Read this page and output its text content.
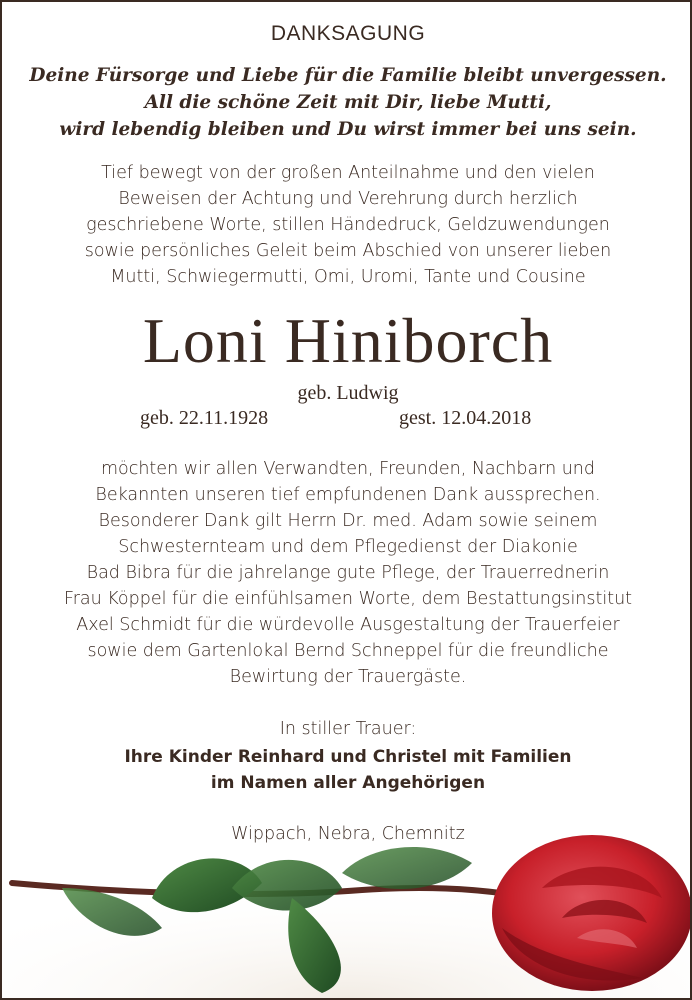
DANKSAGUNG
Deine Fürsorge und Liebe für die Familie bleibt unvergessen.
All die schöne Zeit mit Dir, liebe Mutti,
wird lebendig bleiben und Du wirst immer bei uns sein.
Tief bewegt von der großen Anteilnahme und den vielen
Beweisen der Achtung und Verehrung durch herzlich
geschriebene Worte, stillen Händedruck, Geldzuwendungen
sowie persönliches Geleit beim Abschied von unserer lieben
Mutti, Schwiegermutti, Omi, Uromi, Tante und Cousine
Loni Hiniborch
geb. Ludwig
geb. 22.11.1928	gest. 12.04.2018
möchten wir allen Verwandten, Freunden, Nachbarn und
Bekannten unseren tief empfundenen Dank aussprechen.
Besonderer Dank gilt Herrn Dr. med. Adam sowie seinem
Schwesternteam und dem Pflegedienst der Diakonie
Bad Bibra für die jahrelange gute Pflege, der Trauerrednerin
Frau Köppel für die einfühlsamen Worte, dem Bestattungsinstitut
Axel Schmidt für die würdevolle Ausgestaltung der Trauerfeier
sowie dem Gartenlokal Bernd Schneppel für die freundliche
Bewirtung der Trauergäste.
In stiller Trauer:
Ihre Kinder Reinhard und Christel mit Familien
im Namen aller Angehörigen
